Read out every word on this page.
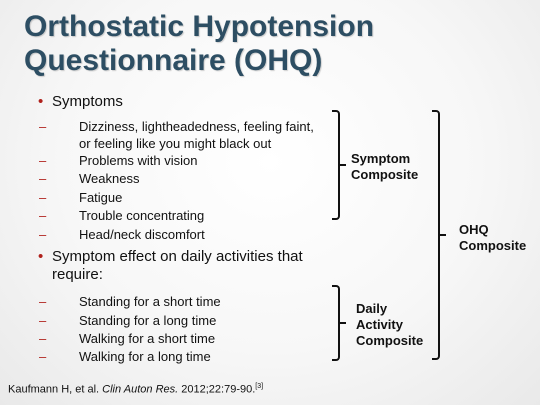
Orthostatic Hypotension
Questionnaire (OHQ)
• Symptoms
–	Dizziness, lightheadedness, feeling faint,
or feeling like you might black out
–	Problems with vision
–	Weakness
–	Fatigue
–	Trouble concentrating
–	Head/neck discomfort
• Symptom effect on daily activities that
require:
–	Standing for a short time
–	Standing for a long time
–	Walking for a short time
–	Walking for a long time
Symptom
Composite
Daily
Activity
Composite
OHQ
Composite
Kaufmann H, et al. Clin Auton Res. 2012;22:79-90.[3]
